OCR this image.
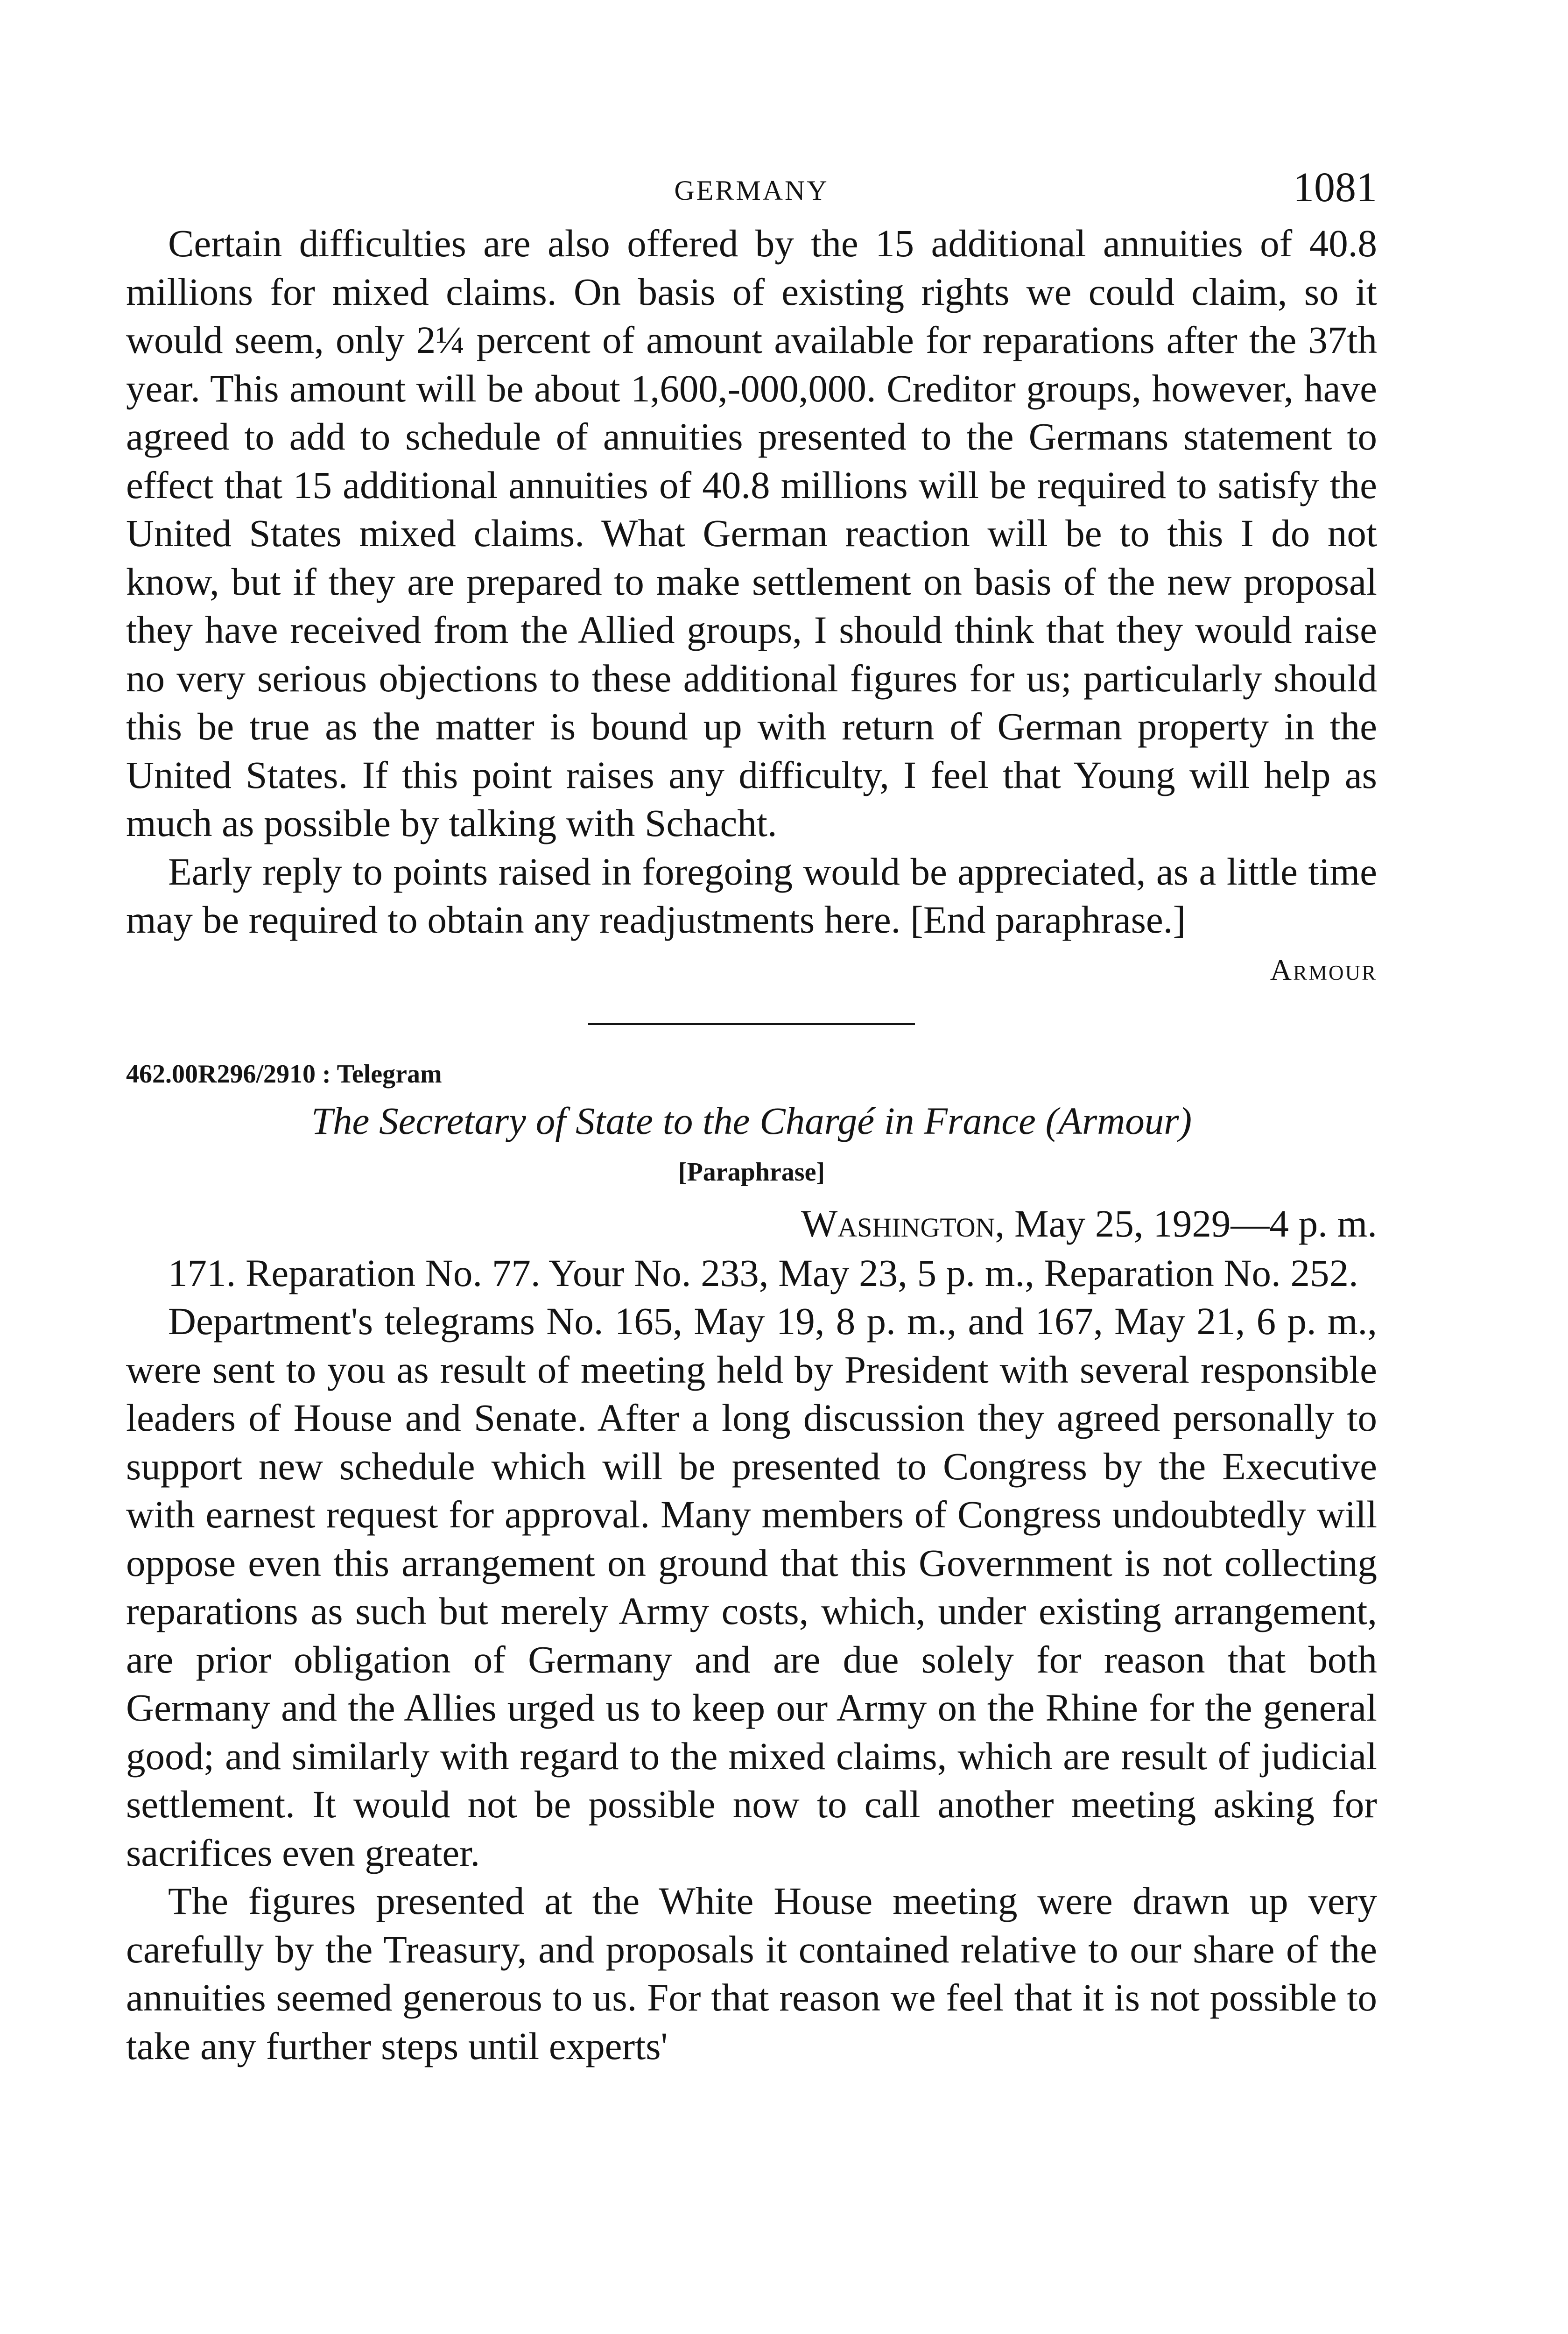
GERMANY	1081

Certain difficulties are also offered by the 15 additional annuities of 40.8 millions for mixed claims. On basis of existing rights we could claim, so it would seem, only 2¼ percent of amount available for reparations after the 37th year. This amount will be about 1,600,-000,000. Creditor groups, however, have agreed to add to schedule of annuities presented to the Germans statement to effect that 15 additional annuities of 40.8 millions will be required to satisfy the United States mixed claims. What German reaction will be to this I do not know, but if they are prepared to make settlement on basis of the new proposal they have received from the Allied groups, I should think that they would raise no very serious objections to these additional figures for us; particularly should this be true as the matter is bound up with return of German property in the United States. If this point raises any difficulty, I feel that Young will help as much as possible by talking with Schacht.

Early reply to points raised in foregoing would be appreciated, as a little time may be required to obtain any readjustments here. [End paraphrase.]

Armour
462.00R296/2910 : Telegram
The Secretary of State to the Chargé in France (Armour)
[Paraphrase]
Washington, May 25, 1929—4 p. m.

171. Reparation No. 77. Your No. 233, May 23, 5 p. m., Reparation No. 252.

Department's telegrams No. 165, May 19, 8 p. m., and 167, May 21, 6 p. m., were sent to you as result of meeting held by President with several responsible leaders of House and Senate. After a long discussion they agreed personally to support new schedule which will be presented to Congress by the Executive with earnest request for approval. Many members of Congress undoubtedly will oppose even this arrangement on ground that this Government is not collecting reparations as such but merely Army costs, which, under existing arrangement, are prior obligation of Germany and are due solely for reason that both Germany and the Allies urged us to keep our Army on the Rhine for the general good; and similarly with regard to the mixed claims, which are result of judicial settlement. It would not be possible now to call another meeting asking for sacrifices even greater.

The figures presented at the White House meeting were drawn up very carefully by the Treasury, and proposals it contained relative to our share of the annuities seemed generous to us. For that reason we feel that it is not possible to take any further steps until experts'
